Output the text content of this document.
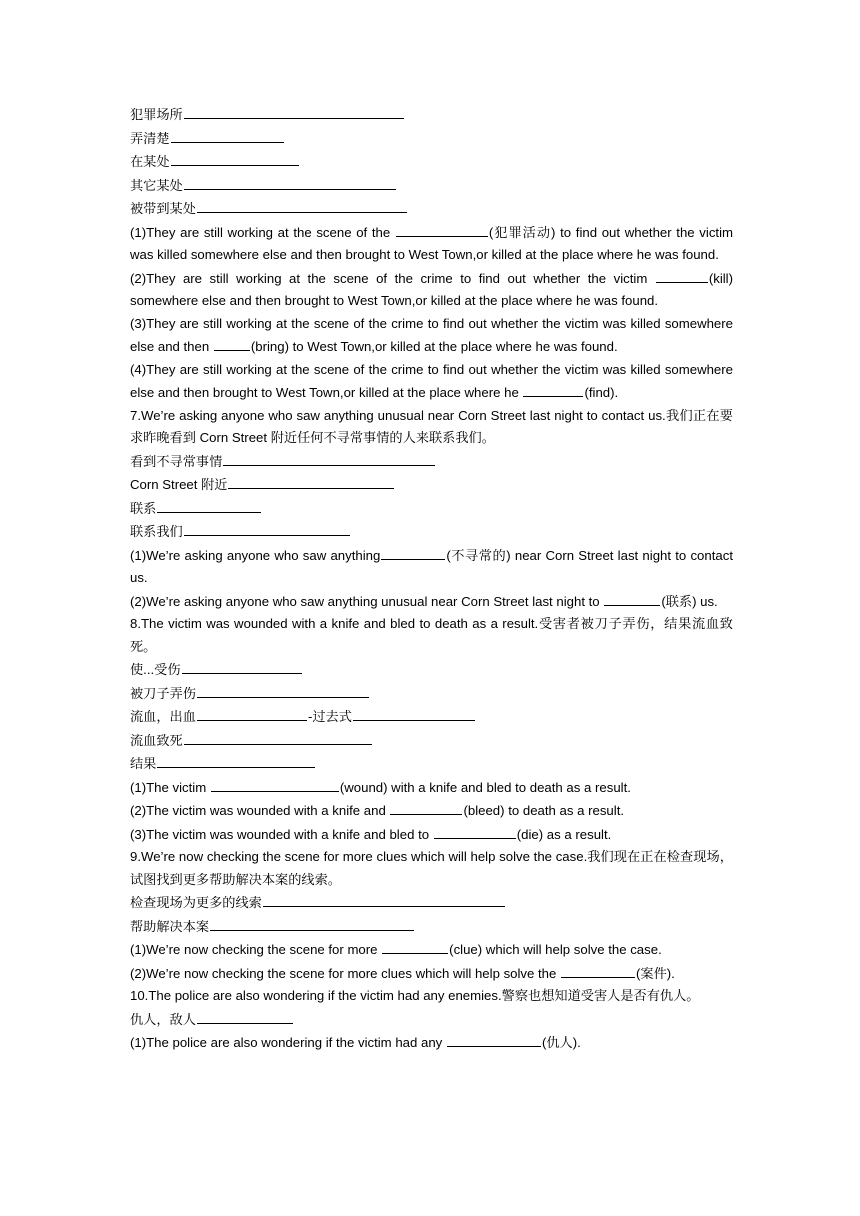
犯罪场所
弄清楚
在某处
其它某处
被带到某处
(1)They are still working at the scene of the	(犯罪活动) to find out whether the victim was killed somewhere else and then brought to West Town,or killed at the place where he was found.
(2)They are still working at the scene of the crime to find out whether the victim	(kill) somewhere else and then brought to West Town,or killed at the place where he was found.
(3)They are still working at the scene of the crime to find out whether the victim was killed somewhere else and then	(bring) to West Town,or killed at the place where he was found.
(4)They are still working at the scene of the crime to find out whether the victim was killed somewhere else and then brought to West Town,or killed at the place where he	(find).
7.We’re asking anyone who saw anything unusual near Corn Street last night to contact us.我们正在要求昨晚看到 Corn Street 附近任何不寻常事情的人来联系我们。
看到不寻常事情
Corn Street 附近
联系
联系我们
(1)We’re asking anyone who saw anything	(不寻常的) near Corn Street last night to contact us.
(2)We’re asking anyone who saw anything unusual near Corn Street last night to	(联系) us.
8.The victim was wounded with a knife and bled to death as a result.受害者被刀子弄伤，结果流血致死。
使...受伤
被刀子弄伤
流血，出血	-过去式
流血致死
结果
(1)The victim	(wound) with a knife and bled to death as a result.
(2)The victim was wounded with a knife and	(bleed) to death as a result.
(3)The victim was wounded with a knife and bled to	(die) as a result.
9.We’re now checking the scene for more clues which will help solve the case.我们现在正在检查现场，试图找到更多帮助解决本案的线索。
检查现场为更多的线索
帮助解决本案
(1)We’re now checking the scene for more	(clue) which will help solve the case.
(2)We’re now checking the scene for more clues which will help solve the	(案件).
10.The police are also wondering if the victim had any enemies.警察也想知道受害人是否有仇人。
仇人，敌人
(1)The police are also wondering if the victim had any	(仇人).
